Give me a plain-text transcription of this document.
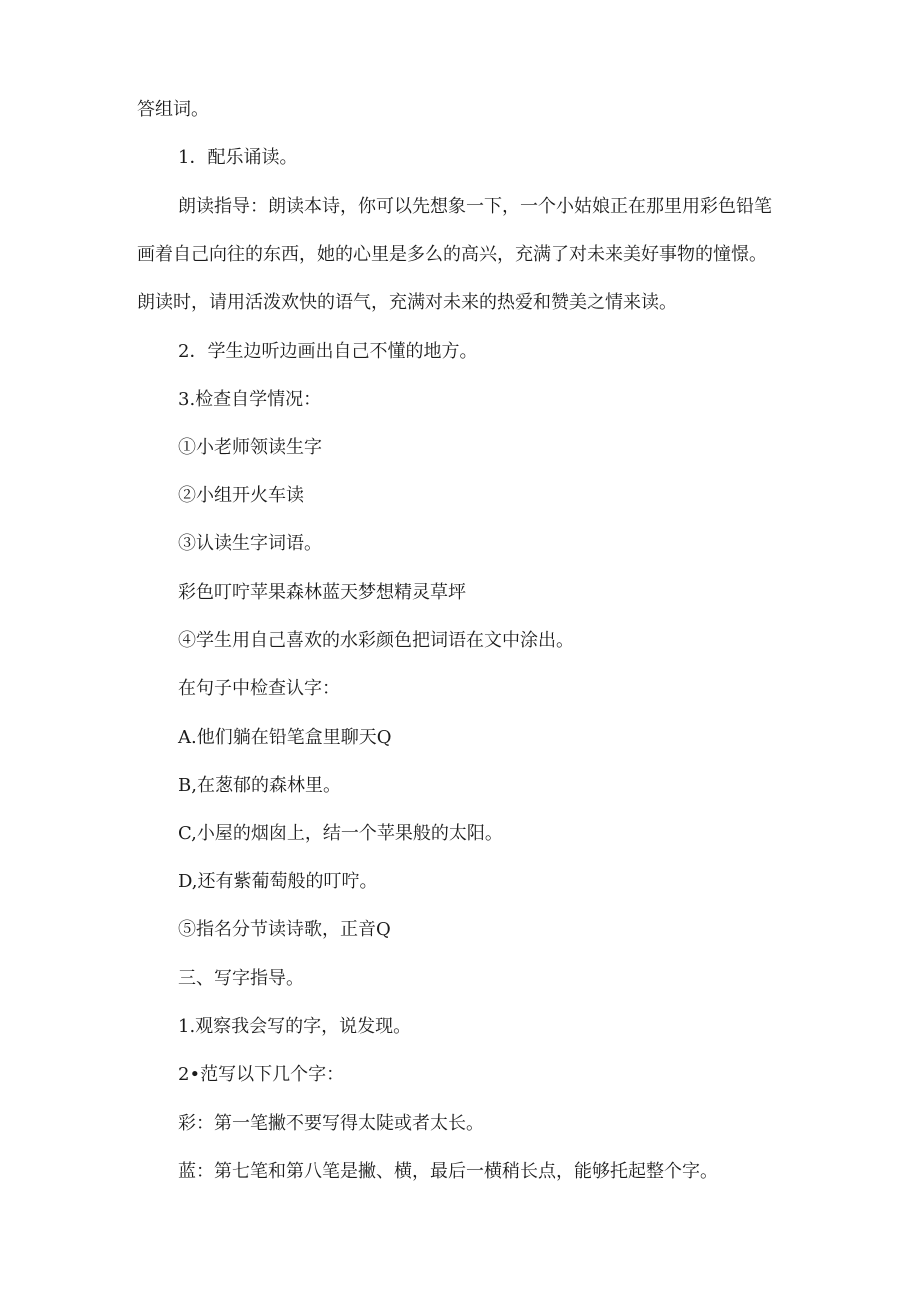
答组词。
1．配乐诵读。
朗读指导：朗读本诗，你可以先想象一下，一个小姑娘正在那里用彩色铅笔
画着自己向往的东西，她的心里是多么的高兴，充满了对未来美好事物的憧憬。
朗读时，请用活泼欢快的语气，充满对未来的热爱和赞美之情来读。
2．学生边听边画出自己不懂的地方。
3.检查自学情况：
①小老师领读生字
②小组开火车读
③认读生字词语。
彩色叮咛苹果森林蓝天梦想精灵草坪
④学生用自己喜欢的水彩颜色把词语在文中涂出。
在句子中检查认字：
A.他们躺在铅笔盒里聊天Q
B,在葱郁的森林里。
C,小屋的烟囱上，结一个苹果般的太阳。
D,还有紫葡萄般的叮咛。
⑤指名分节读诗歌，正音Q
三、写字指导。
1.观察我会写的字，说发现。
2•范写以下几个字：
彩：第一笔撇不要写得太陡或者太长。
蓝：第七笔和第八笔是撇、横，最后一横稍长点，能够托起整个字。
